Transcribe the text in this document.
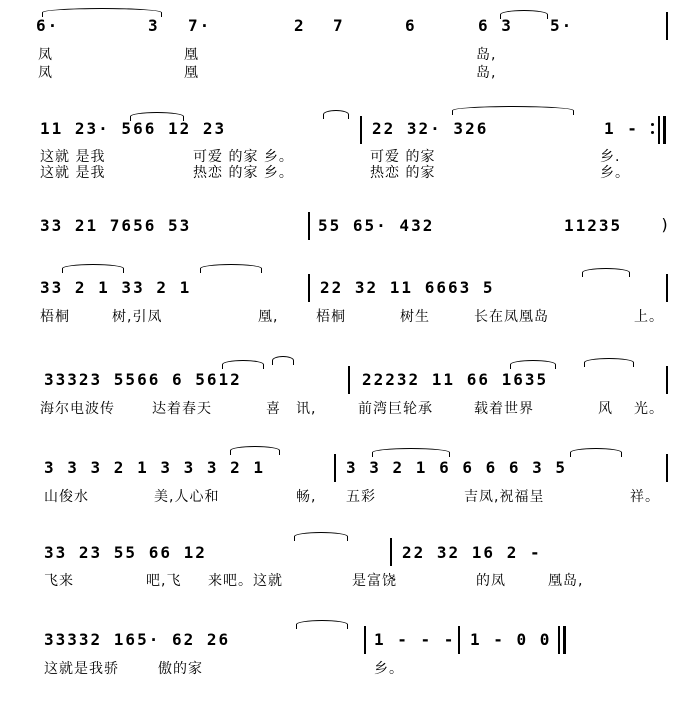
6·	3 7·	2 7	6	6 3 5·
凤	凰	岛,
凤	凰	岛,
11 23· 566 12 23	22 32· 326	1 -
这就 是我	可爱 的家 乡。	可爱 的家	乡.
这就 是我	热恋 的家 乡。	热恋 的家	乡。
33 21 7656 53	55 65· 432	11235 )
33 2 1 33 2 1	22 32 11 6663 5
梧桐	树,引凤	凰,	梧桐	树生	长在凤凰岛	上。
33323 5566 6 5612	22232 11 66 1635
海尔电波传	达着春天	喜 讯,	前湾巨轮承	载着世界	风 光。
3 3 3 2 1 3 3 3 2 1	3 3 2 1 6 6 6 6 3 5
山俊水	美,人心和	畅, 五彩	吉凤,祝福呈	祥。
33 23 55 66 12	22 32 16 2 -
飞来	吧,飞 来吧。这就	是富饶	的凤	凰岛,
33332 165· 62 26	1 - - - 1 - 0 0
这就是我骄	傲的家	乡。
